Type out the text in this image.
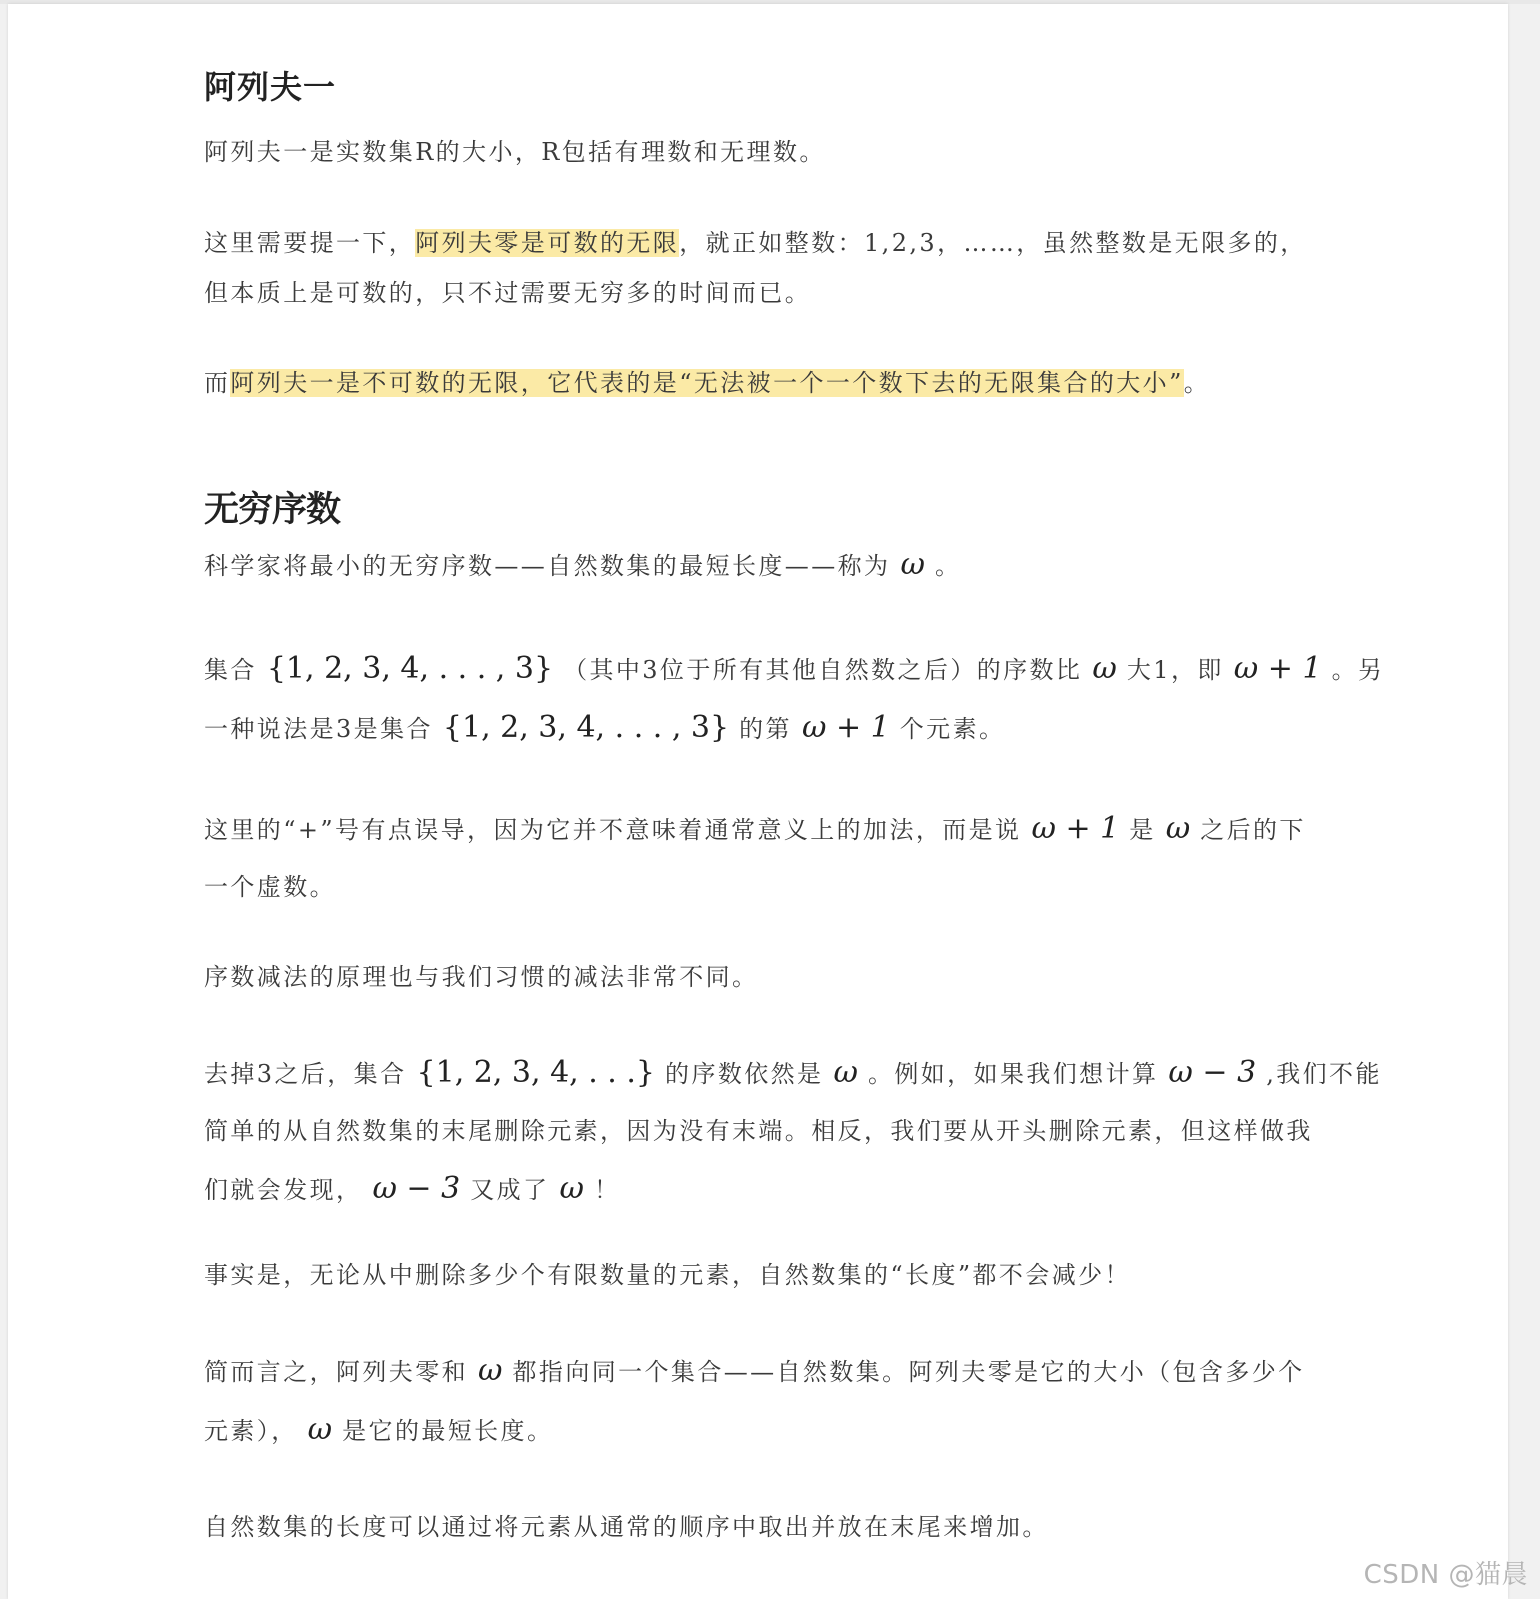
阿列夫一

阿列夫一是实数集R的大小，R包括有理数和无理数。

这里需要提一下，阿列夫零是可数的无限，就正如整数：1,2,3，……，虽然整数是无限多的，
但本质上是可数的，只不过需要无穷多的时间而已。

而阿列夫一是不可数的无限，它代表的是“无法被一个一个数下去的无限集合的大小”。

无穷序数

科学家将最小的无穷序数——自然数集的最短长度——称为 ω 。

集合 {1, 2, 3, 4, . . . , 3} （其中3位于所有其他自然数之后）的序数比 ω 大1，即 ω + 1 。另
一种说法是3是集合 {1, 2, 3, 4, . . . , 3} 的第 ω + 1 个元素。

这里的“+”号有点误导，因为它并不意味着通常意义上的加法，而是说 ω + 1 是 ω 之后的下
一个虚数。

序数减法的原理也与我们习惯的减法非常不同。

去掉3之后，集合 {1, 2, 3, 4, . . .} 的序数依然是 ω 。例如，如果我们想计算 ω − 3 ,我们不能
简单的从自然数集的末尾删除元素，因为没有末端。相反，我们要从开头删除元素，但这样做我
们就会发现， ω − 3 又成了 ω ！

事实是，无论从中删除多少个有限数量的元素，自然数集的“长度”都不会减少！

简而言之，阿列夫零和 ω 都指向同一个集合——自然数集。阿列夫零是它的大小（包含多少个
元素）， ω 是它的最短长度。

自然数集的长度可以通过将元素从通常的顺序中取出并放在末尾来增加。

CSDN @猫晨
